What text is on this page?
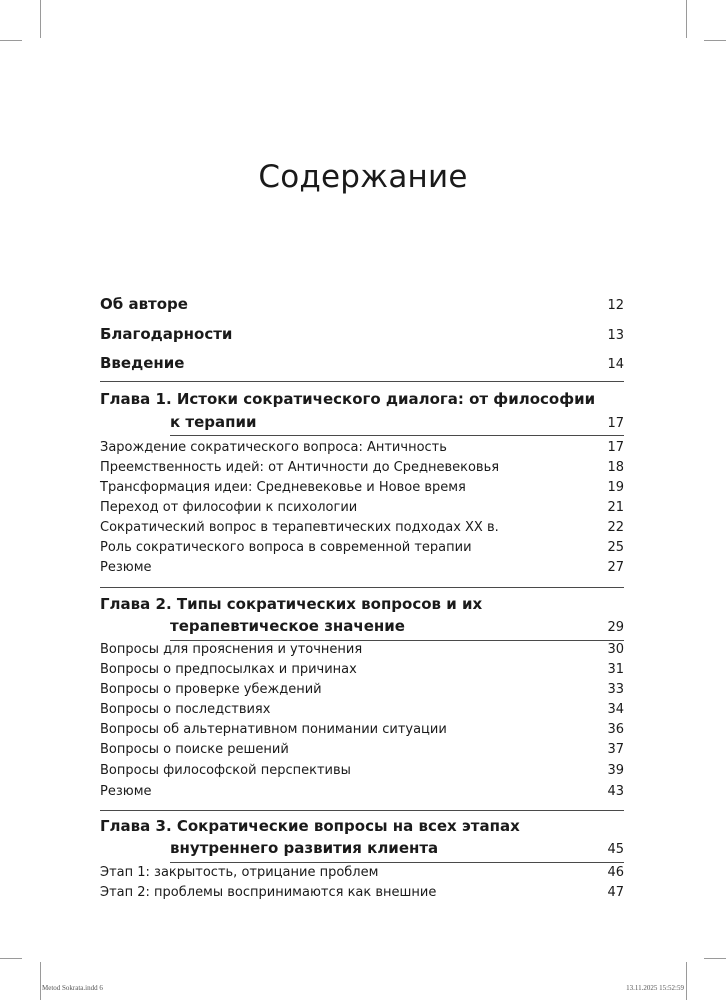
Содержание
Об авторе	12
Благодарности	13
Введение	14
Глава 1. Истоки сократического диалога: от философии
к терапии	17
Зарождение сократического вопроса: Античность	17
Преемственность идей: от Античности до Средневековья	18
Трансформация идеи: Средневековье и Новое время	19
Переход от философии к психологии	21
Сократический вопрос в терапевтических подходах XX в.	22
Роль сократического вопроса в современной терапии	25
Резюме	27
Глава 2. Типы сократических вопросов и их
терапевтическое значение	29
Вопросы для прояснения и уточнения	30
Вопросы о предпосылках и причинах	31
Вопросы о проверке убеждений	33
Вопросы о последствиях	34
Вопросы об альтернативном понимании ситуации	36
Вопросы о поиске решений	37
Вопросы философской перспективы	39
Резюме	43
Глава 3. Сократические вопросы на всех этапах
внутреннего развития клиента	45
Этап 1: закрытость, отрицание проблем	46
Этап 2: проблемы воспринимаются как внешние	47
Metod Sokrata.indd 6	13.11.2025 15:52:59
